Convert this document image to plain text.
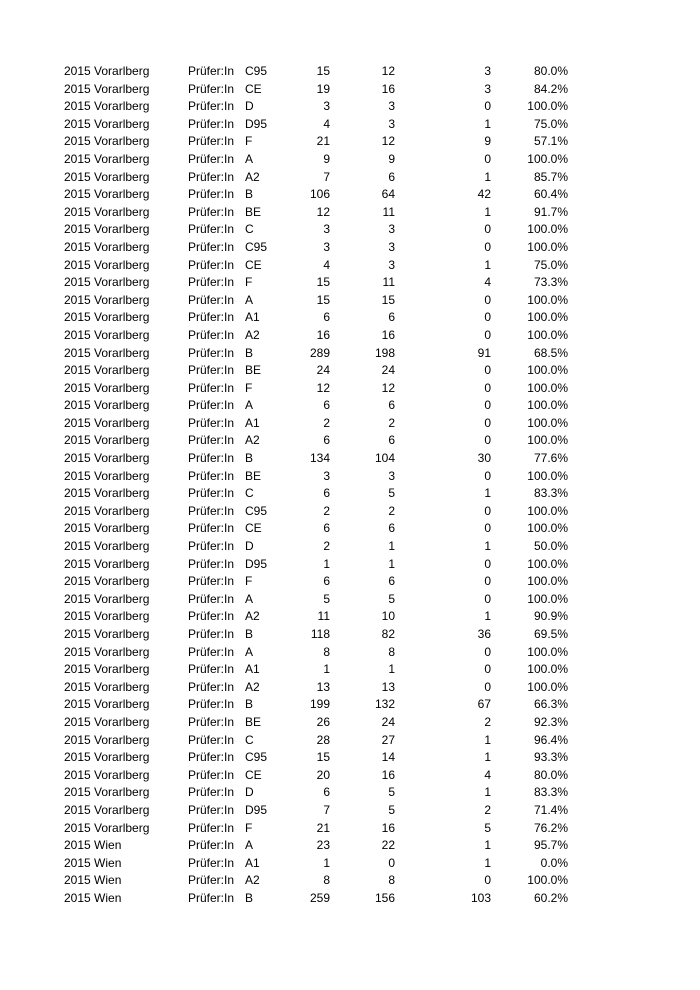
2015 Vorarlberg	Prüfer:In C95	15	12	3	80.0%
2015 Vorarlberg	Prüfer:In CE	19	16	3	84.2%
2015 Vorarlberg	Prüfer:In D	3	3	0	100.0%
2015 Vorarlberg	Prüfer:In D95	4	3	1	75.0%
2015 Vorarlberg	Prüfer:In F	21	12	9	57.1%
2015 Vorarlberg	Prüfer:In A	9	9	0	100.0%
2015 Vorarlberg	Prüfer:In A2	7	6	1	85.7%
2015 Vorarlberg	Prüfer:In B	106	64	42	60.4%
2015 Vorarlberg	Prüfer:In BE	12	11	1	91.7%
2015 Vorarlberg	Prüfer:In C	3	3	0	100.0%
2015 Vorarlberg	Prüfer:In C95	3	3	0	100.0%
2015 Vorarlberg	Prüfer:In CE	4	3	1	75.0%
2015 Vorarlberg	Prüfer:In F	15	11	4	73.3%
2015 Vorarlberg	Prüfer:In A	15	15	0	100.0%
2015 Vorarlberg	Prüfer:In A1	6	6	0	100.0%
2015 Vorarlberg	Prüfer:In A2	16	16	0	100.0%
2015 Vorarlberg	Prüfer:In B	289	198	91	68.5%
2015 Vorarlberg	Prüfer:In BE	24	24	0	100.0%
2015 Vorarlberg	Prüfer:In F	12	12	0	100.0%
2015 Vorarlberg	Prüfer:In A	6	6	0	100.0%
2015 Vorarlberg	Prüfer:In A1	2	2	0	100.0%
2015 Vorarlberg	Prüfer:In A2	6	6	0	100.0%
2015 Vorarlberg	Prüfer:In B	134	104	30	77.6%
2015 Vorarlberg	Prüfer:In BE	3	3	0	100.0%
2015 Vorarlberg	Prüfer:In C	6	5	1	83.3%
2015 Vorarlberg	Prüfer:In C95	2	2	0	100.0%
2015 Vorarlberg	Prüfer:In CE	6	6	0	100.0%
2015 Vorarlberg	Prüfer:In D	2	1	1	50.0%
2015 Vorarlberg	Prüfer:In D95	1	1	0	100.0%
2015 Vorarlberg	Prüfer:In F	6	6	0	100.0%
2015 Vorarlberg	Prüfer:In A	5	5	0	100.0%
2015 Vorarlberg	Prüfer:In A2	11	10	1	90.9%
2015 Vorarlberg	Prüfer:In B	118	82	36	69.5%
2015 Vorarlberg	Prüfer:In A	8	8	0	100.0%
2015 Vorarlberg	Prüfer:In A1	1	1	0	100.0%
2015 Vorarlberg	Prüfer:In A2	13	13	0	100.0%
2015 Vorarlberg	Prüfer:In B	199	132	67	66.3%
2015 Vorarlberg	Prüfer:In BE	26	24	2	92.3%
2015 Vorarlberg	Prüfer:In C	28	27	1	96.4%
2015 Vorarlberg	Prüfer:In C95	15	14	1	93.3%
2015 Vorarlberg	Prüfer:In CE	20	16	4	80.0%
2015 Vorarlberg	Prüfer:In D	6	5	1	83.3%
2015 Vorarlberg	Prüfer:In D95	7	5	2	71.4%
2015 Vorarlberg	Prüfer:In F	21	16	5	76.2%
2015 Wien	Prüfer:In A	23	22	1	95.7%
2015 Wien	Prüfer:In A1	1	0	1	0.0%
2015 Wien	Prüfer:In A2	8	8	0	100.0%
2015 Wien	Prüfer:In B	259	156	103	60.2%
